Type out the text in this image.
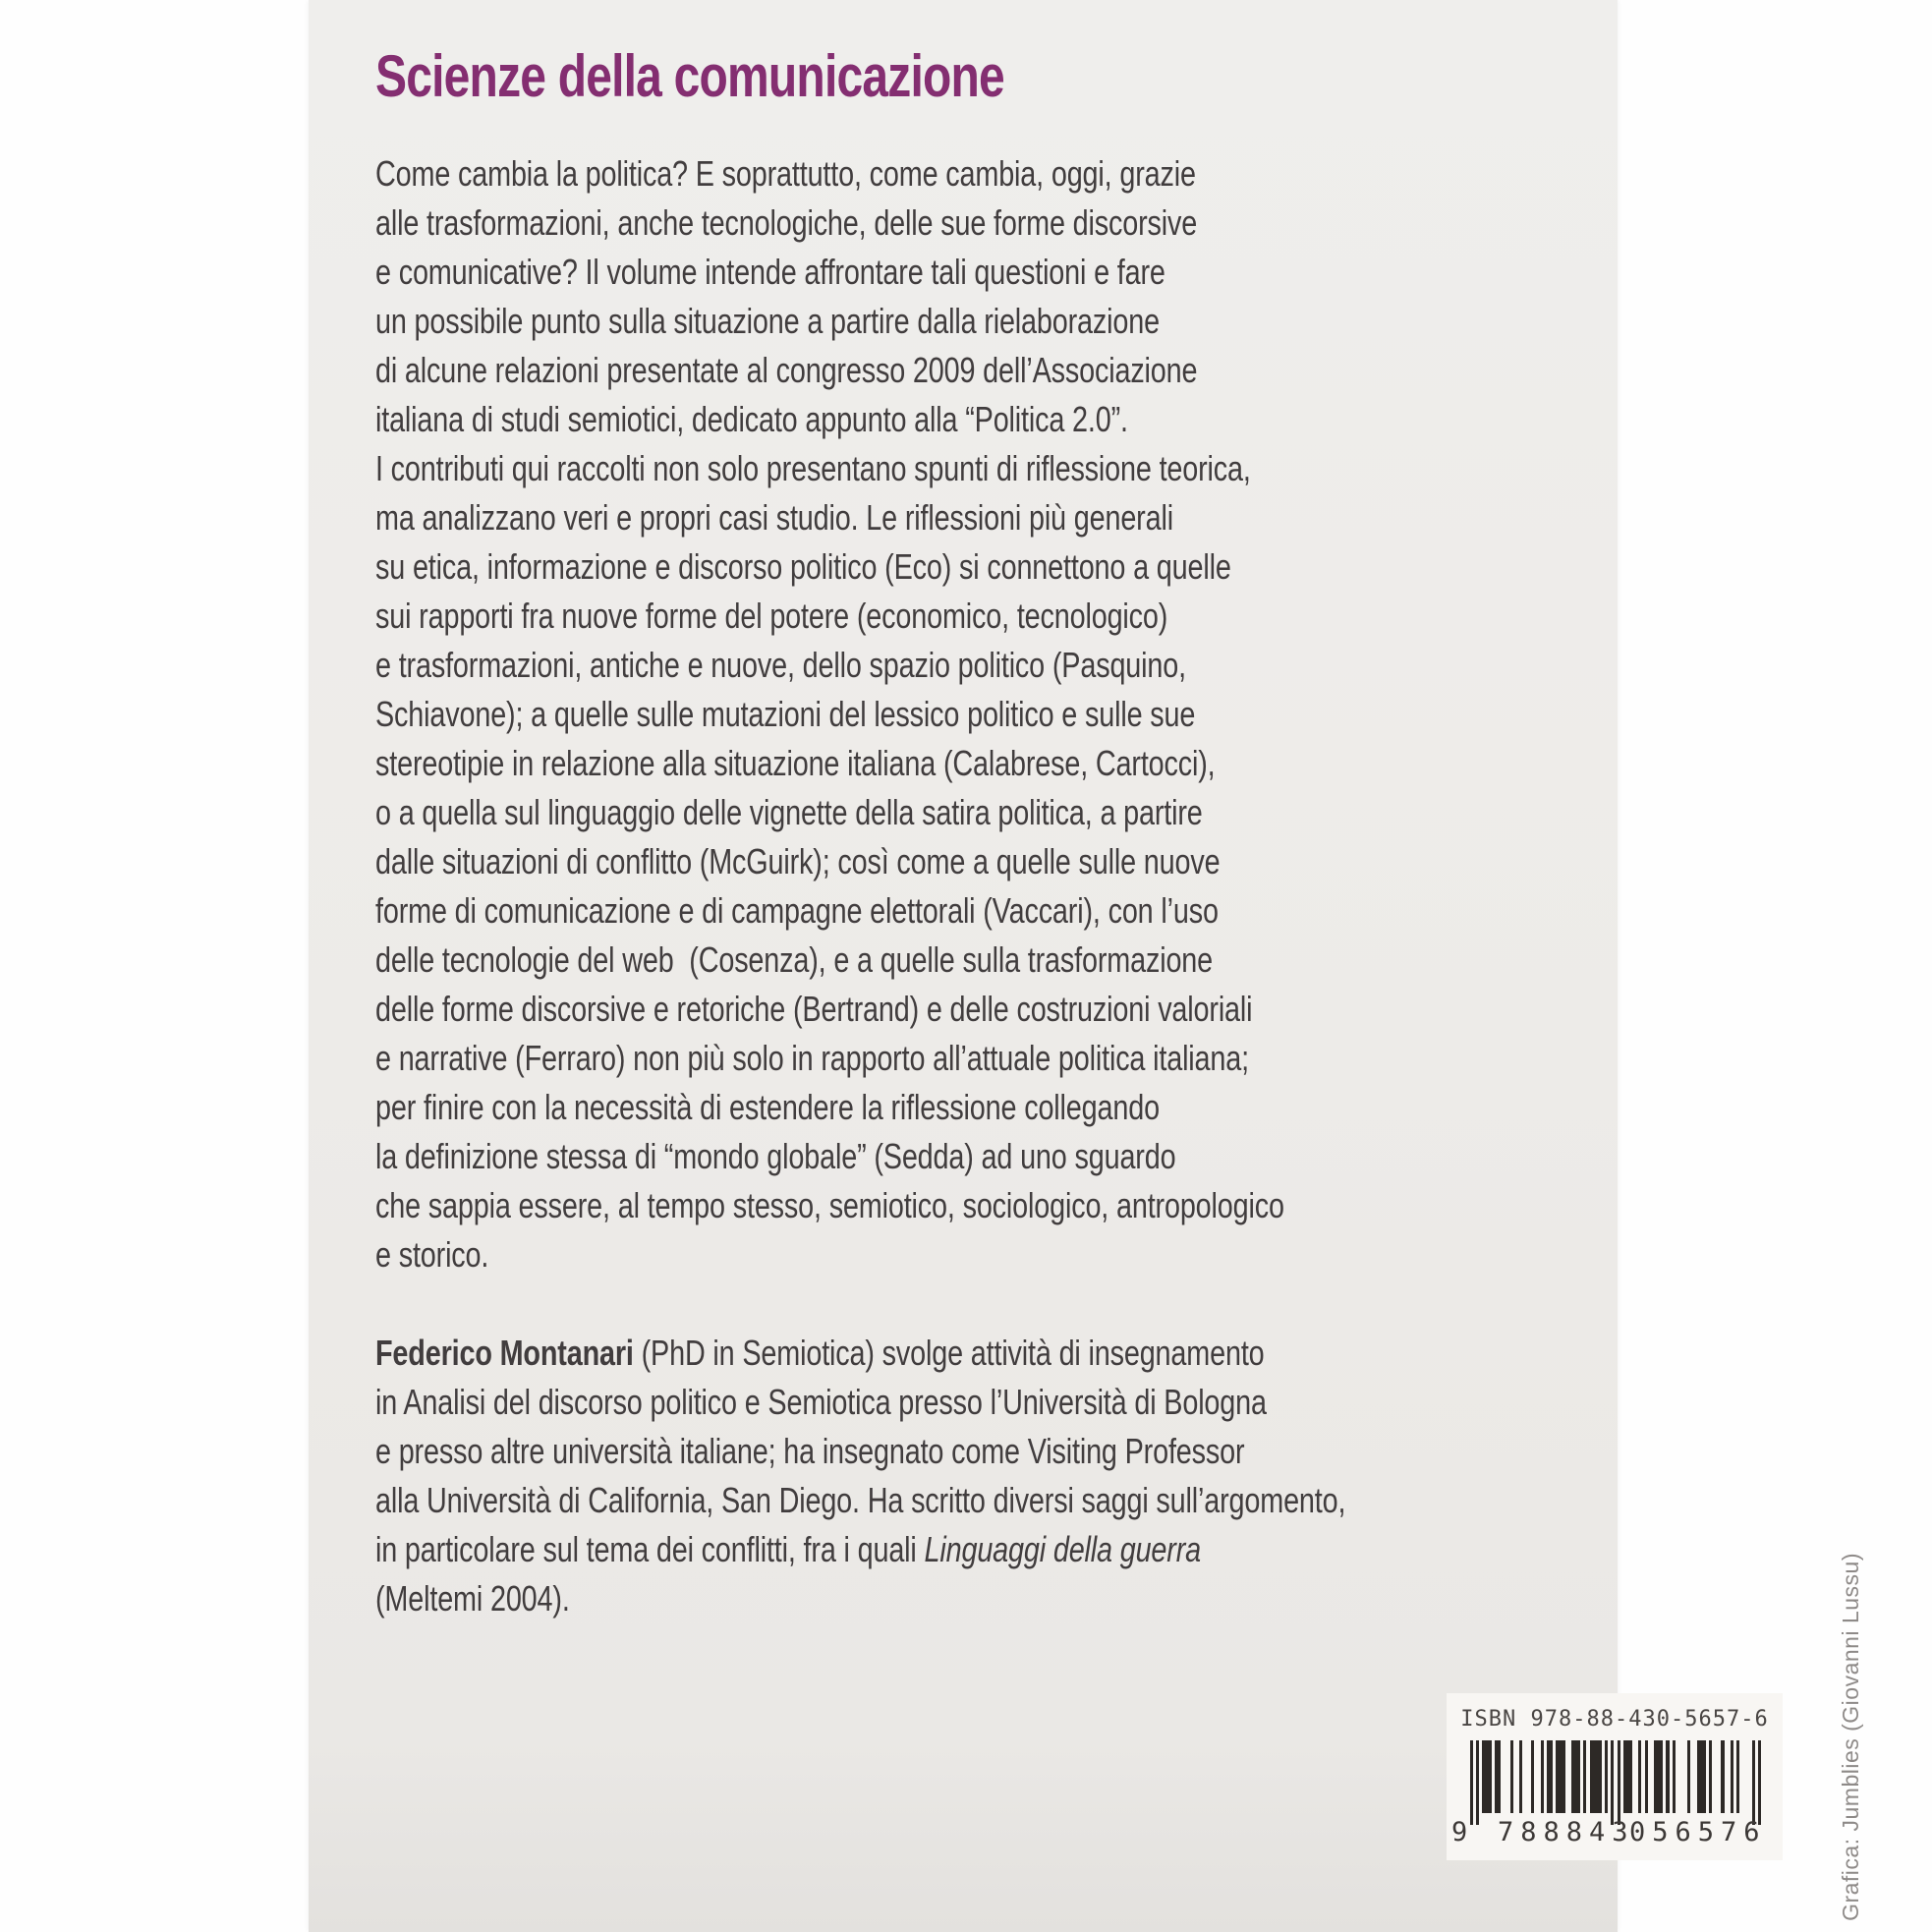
Scienze della comunicazione
Come cambia la politica? E soprattutto, come cambia, oggi, grazie
alle trasformazioni, anche tecnologiche, delle sue forme discorsive
e comunicative? Il volume intende affrontare tali questioni e fare
un possibile punto sulla situazione a partire dalla rielaborazione
di alcune relazioni presentate al congresso 2009 dell’Associazione
italiana di studi semiotici, dedicato appunto alla “Politica 2.0”.
I contributi qui raccolti non solo presentano spunti di riflessione teorica,
ma analizzano veri e propri casi studio. Le riflessioni più generali
su etica, informazione e discorso politico (Eco) si connettono a quelle
sui rapporti fra nuove forme del potere (economico, tecnologico)
e trasformazioni, antiche e nuove, dello spazio politico (Pasquino,
Schiavone); a quelle sulle mutazioni del lessico politico e sulle sue
stereotipie in relazione alla situazione italiana (Calabrese, Cartocci),
o a quella sul linguaggio delle vignette della satira politica, a partire
dalle situazioni di conflitto (McGuirk); così come a quelle sulle nuove
forme di comunicazione e di campagne elettorali (Vaccari), con l’uso
delle tecnologie del web  (Cosenza), e a quelle sulla trasformazione
delle forme discorsive e retoriche (Bertrand) e delle costruzioni valoriali
e narrative (Ferraro) non più solo in rapporto all’attuale politica italiana;
per finire con la necessità di estendere la riflessione collegando
la definizione stessa di “mondo globale” (Sedda) ad uno sguardo
che sappia essere, al tempo stesso, semiotico, sociologico, antropologico
e storico.
Federico Montanari (PhD in Semiotica) svolge attività di insegnamento
in Analisi del discorso politico e Semiotica presso l’Università di Bologna
e presso altre università italiane; ha insegnato come Visiting Professor
alla Università di California, San Diego. Ha scritto diversi saggi sull’argomento,
in particolare sul tema dei conflitti, fra i quali Linguaggi della guerra
(Meltemi 2004).	Grafica: Jumblies (Giovanni Lussu)
ISBN 978-88-430-5657-6
9 788843
056576
